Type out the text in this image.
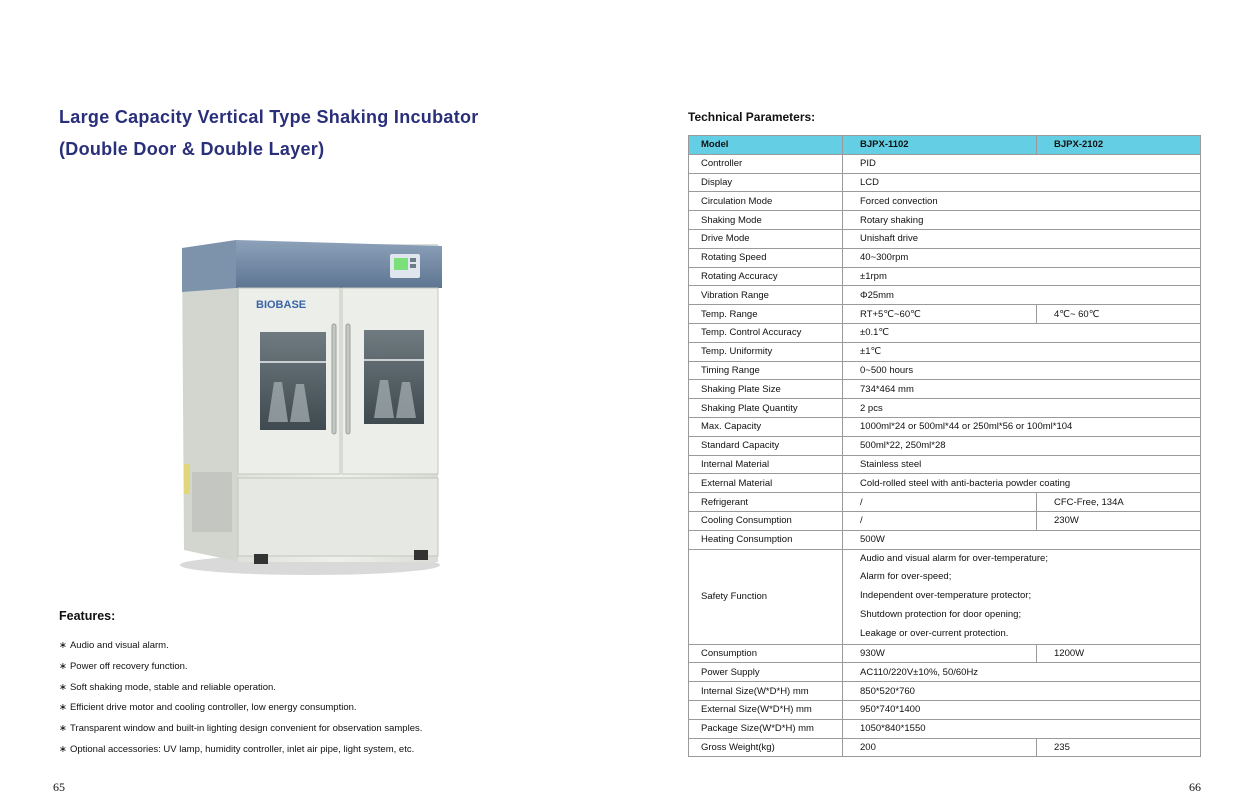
Large Capacity Vertical Type Shaking Incubator
(Double Door & Double Layer)
BIOBASE
Features:
∗ Audio and visual alarm.
∗ Power off recovery function.
∗ Soft shaking mode, stable and reliable operation.
∗ Efficient drive motor and cooling controller, low energy consumption.
∗ Transparent window and built-in lighting design convenient for observation samples.
∗ Optional accessories: UV lamp, humidity controller, inlet air pipe, light system, etc.
65	66
Technical Parameters:
Model	BJPX-1102	BJPX-2102
Controller	PID	
Display	LCD	
Circulation Mode	Forced convection	
Shaking Mode	Rotary shaking	
Drive Mode	Unishaft drive	
Rotating Speed	40~300rpm	
Rotating Accuracy	±1rpm	
Vibration Range	Φ25mm	
Temp. Range	RT+5℃~60℃	4℃~ 60℃
Temp. Control Accuracy	±0.1℃	
Temp. Uniformity	±1℃	
Timing Range	0~500 hours	
Shaking Plate Size	734*464 mm	
Shaking Plate Quantity	2 pcs	
Max. Capacity	1000ml*24 or 500ml*44 or 250ml*56 or 100ml*104	
Standard Capacity	500ml*22, 250ml*28	
Internal Material	Stainless steel	
External Material	Cold-rolled steel with anti-bacteria powder coating	
Refrigerant	/	CFC-Free, 134A
Cooling Consumption	/	230W
Heating Consumption	500W	
Safety Function	Audio and visual alarm for over-temperature;
Alarm for over-speed;
Independent over-temperature protector;
Shutdown protection for door opening;
Leakage or over-current protection.	

Consumption	930W	1200W
Power Supply	AC110/220V±10%, 50/60Hz	
Internal Size(W*D*H) mm	850*520*760	
External Size(W*D*H) mm	950*740*1400	
Package Size(W*D*H) mm	1050*840*1550	
Gross Weight(kg)	200	235
